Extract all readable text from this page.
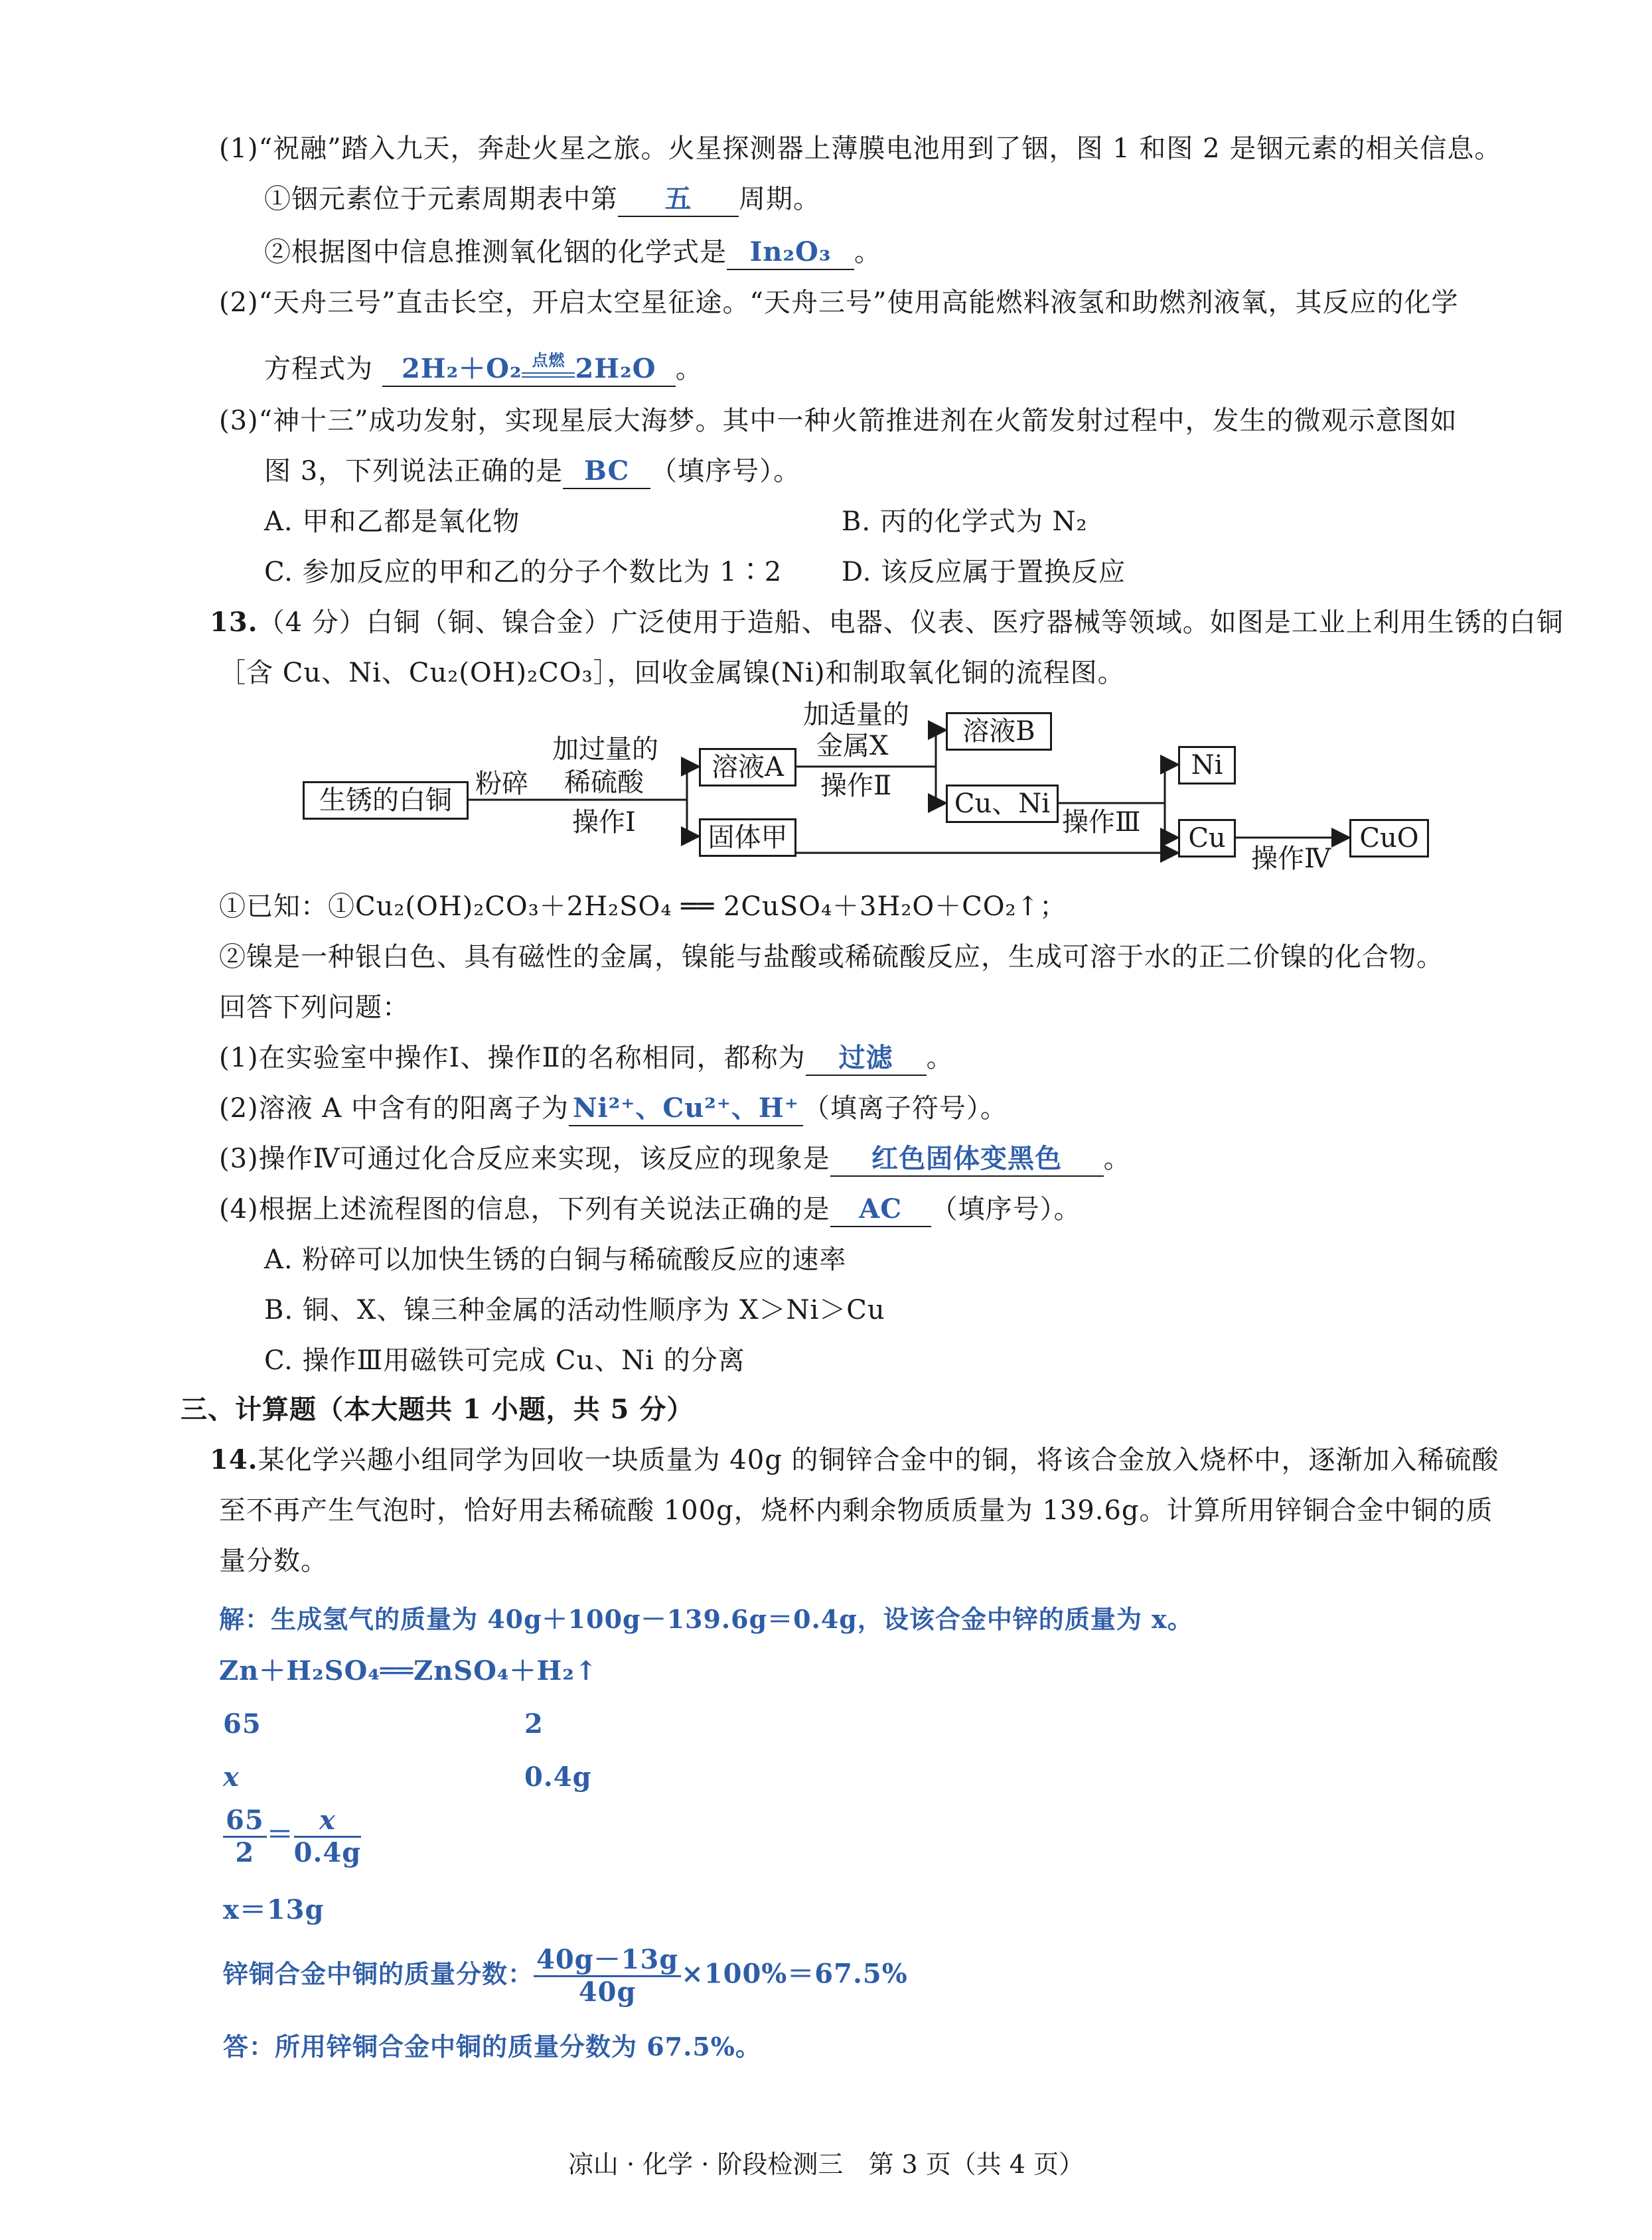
(1)“祝融”踏入九天，奔赴火星之旅。火星探测器上薄膜电池用到了铟，图 1 和图 2 是铟元素的相关信息。
①铟元素位于元素周期表中第 五 周期。
②根据图中信息推测氧化铟的化学式是 In₂O₃ 。
(2)“天舟三号”直击长空，开启太空星征途。“天舟三号”使用高能燃料液氢和助燃剂液氧，其反应的化学
方程式为 2H₂＋O₂ 点燃 2H₂O 。
(3)“神十三”成功发射，实现星辰大海梦。其中一种火箭推进剂在火箭发射过程中，发生的微观示意图如
图 3，下列说法正确的是 BC （填序号）。
A. 甲和乙都是氧化物	B. 丙的化学式为 N₂
C. 参加反应的甲和乙的分子个数比为 1∶2 D. 该反应属于置换反应
13.（4 分）白铜（铜、镍合金）广泛使用于造船、电器、仪表、医疗器械等领域。如图是工业上利用生锈的白铜
［含 Cu、Ni、Cu₂(OH)₂CO₃］，回收金属镍(Ni)和制取氧化铜的流程图。
生锈的白铜
粉碎
加过量的
稀硫酸
操作Ⅰ
溶液A
固体甲
加适量的
金属X
操作Ⅱ
溶液B
Cu、Ni
操作Ⅲ
Ni
Cu
操作Ⅳ
CuO
①已知：①Cu₂(OH)₂CO₃＋2H₂SO₄ ══ 2CuSO₄＋3H₂O＋CO₂↑；
②镍是一种银白色、具有磁性的金属，镍能与盐酸或稀硫酸反应，生成可溶于水的正二价镍的化合物。
回答下列问题：
(1)在实验室中操作Ⅰ、操作Ⅱ的名称相同，都称为 过滤 。
(2)溶液 A 中含有的阳离子为 Ni²⁺、Cu²⁺、H⁺ （填离子符号）。
(3)操作Ⅳ可通过化合反应来实现，该反应的现象是 红色固体变黑色 。
(4)根据上述流程图的信息，下列有关说法正确的是 AC （填序号）。
A. 粉碎可以加快生锈的白铜与稀硫酸反应的速率
B. 铜、X、镍三种金属的活动性顺序为 X＞Ni＞Cu
C. 操作Ⅲ用磁铁可完成 Cu、Ni 的分离
三、计算题（本大题共 1 小题，共 5 分）
14.某化学兴趣小组同学为回收一块质量为 40g 的铜锌合金中的铜，将该合金放入烧杯中，逐渐加入稀硫酸
至不再产生气泡时，恰好用去稀硫酸 100g，烧杯内剩余物质质量为 139.6g。计算所用锌铜合金中铜的质
量分数。
解：生成氢气的质量为 40g＋100g－139.6g＝0.4g，设该合金中锌的质量为 x。
Zn＋H₂SO₄══ZnSO₄＋H₂↑
65	2
x	0.4g
$\frac{65}{2} = \frac{x}{0.4g}$
x＝13g
锌铜合金中铜的质量分数： $\frac{40g-13g}{40g} \times 100\%=67.5\%$
答：所用锌铜合金中铜的质量分数为 67.5%。
凉山 · 化学 · 阶段检测三　第 3 页（共 4 页）
